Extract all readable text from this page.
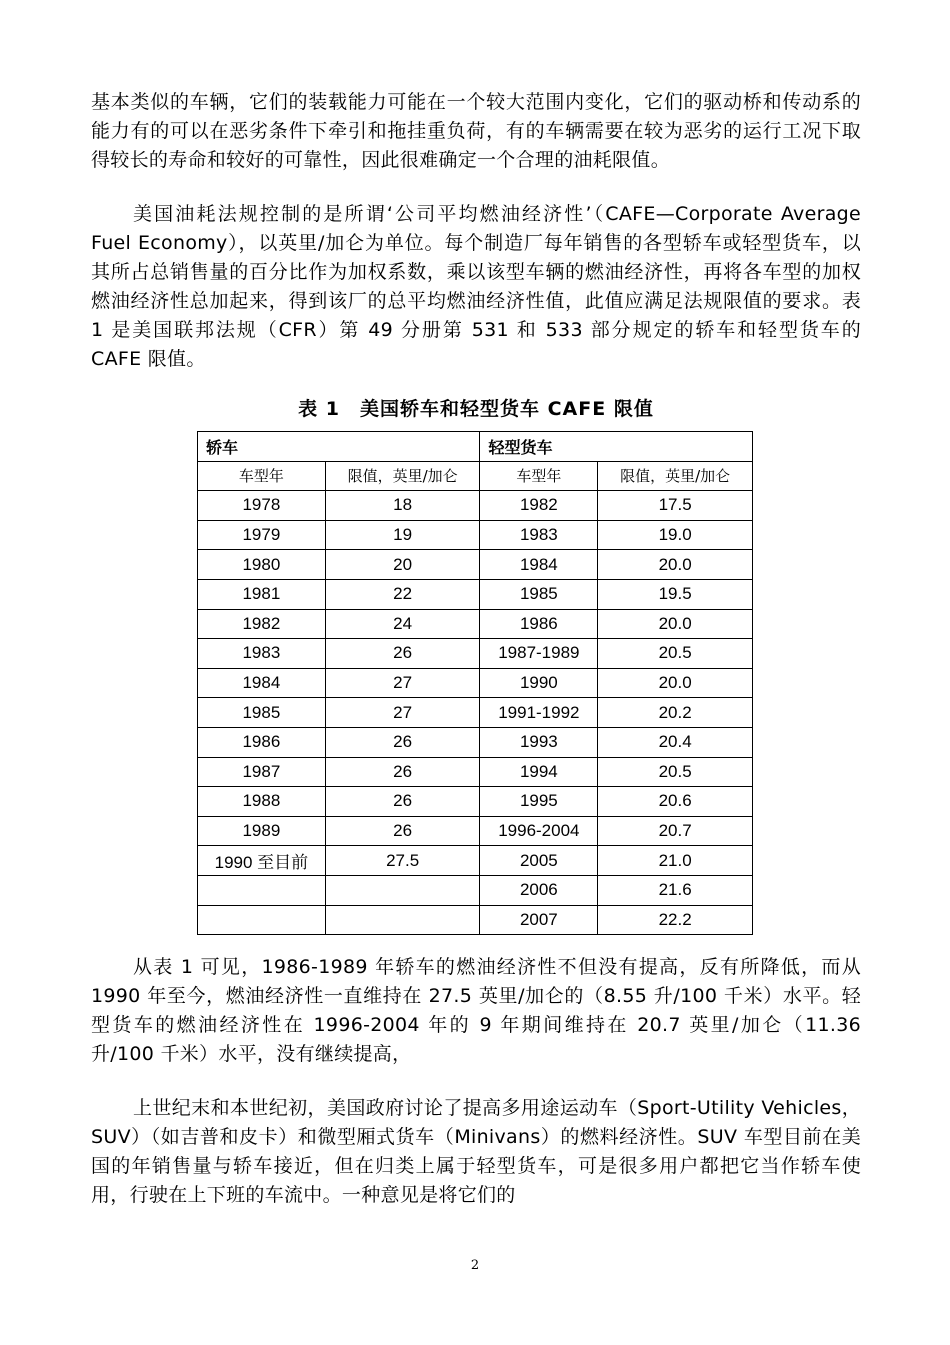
基本类似的车辆，它们的装载能力可能在一个较大范围内变化，它们的驱动桥和传动系的能力有的可以在恶劣条件下牵引和拖挂重负荷，有的车辆需要在较为恶劣的运行工况下取得较长的寿命和较好的可靠性，因此很难确定一个合理的油耗限值。

美国油耗法规控制的是所谓‘公司平均燃油经济性’（CAFE—Corporate Average Fuel Economy），以英里/加仑为单位。每个制造厂每年销售的各型轿车或轻型货车，以其所占总销售量的百分比作为加权系数，乘以该型车辆的燃油经济性，再将各车型的加权燃油经济性总加起来，得到该厂的总平均燃油经济性值，此值应满足法规限值的要求。表 1 是美国联邦法规（CFR）第 49 分册第 531 和 533 部分规定的轿车和轻型货车的 CAFE 限值。

表 1　美国轿车和轻型货车 CAFE 限值
轿车		轻型货车	
车型年	限值，英里/加仑	车型年	限值，英里/加仑
1978	18	1982	17.5
1979	19	1983	19.0
1980	20	1984	20.0
1981	22	1985	19.5
1982	24	1986	20.0
1983	26	1987-1989	20.5
1984	27	1990	20.0
1985	27	1991-1992	20.2
1986	26	1993	20.4
1987	26	1994	20.5
1988	26	1995	20.6
1989	26	1996-2004	20.7
1990 至目前	27.5	2005	21.0
		2006	21.6
		2007	22.2

从表 1 可见，1986-1989 年轿车的燃油经济性不但没有提高，反有所降低，而从 1990 年至今，燃油经济性一直维持在 27.5 英里/加仑的（8.55 升/100 千米）水平。轻型货车的燃油经济性在 1996-2004 年的 9 年期间维持在 20.7 英里/加仑（11.36 升/100 千米）水平，没有继续提高，

上世纪末和本世纪初，美国政府讨论了提高多用途运动车（Sport-Utility Vehicles，SUV）（如吉普和皮卡）和微型厢式货车（Minivans）的燃料经济性。SUV 车型目前在美国的年销售量与轿车接近，但在归类上属于轻型货车，可是很多用户都把它当作轿车使用，行驶在上下班的车流中。一种意见是将它们的

2
